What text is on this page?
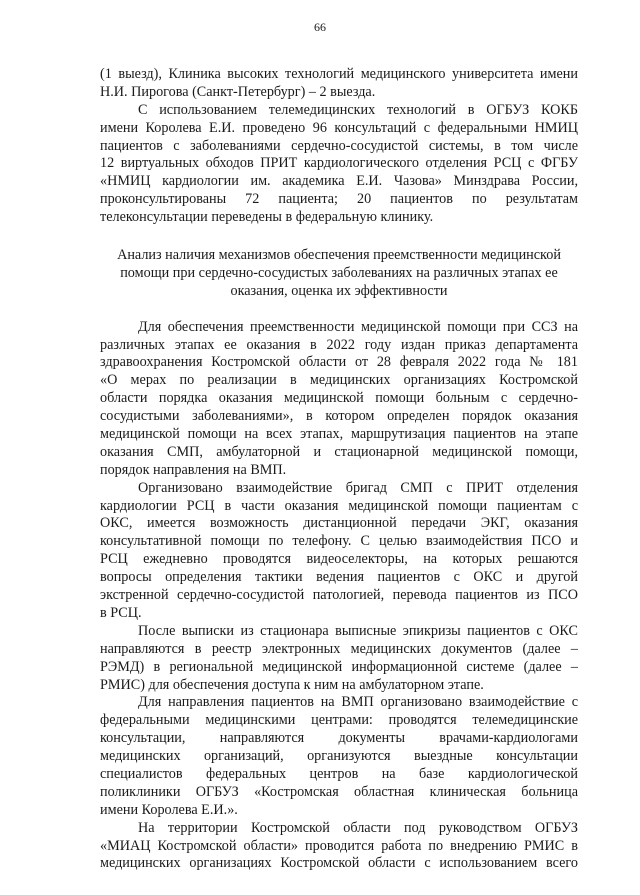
66
(1 выезд), Клиника высоких технологий медицинского университета имени
Н.И. Пирогова (Санкт-Петербург) – 2 выезда.
С использованием телемедицинских технологий в ОГБУЗ КОКБ
имени Королева Е.И. проведено 96 консультаций с федеральными НМИЦ
пациентов с заболеваниями сердечно-сосудистой системы, в том числе
12 виртуальных обходов ПРИТ кардиологического отделения РСЦ с ФГБУ
«НМИЦ кардиологии им. академика Е.И. Чазова» Минздрава России,
проконсультированы 72 пациента; 20 пациентов по результатам
телеконсультации переведены в федеральную клинику.
Анализ наличия механизмов обеспечения преемственности медицинской
помощи при сердечно-сосудистых заболеваниях на различных этапах ее
оказания, оценка их эффективности
Для обеспечения преемственности медицинской помощи при ССЗ на
различных этапах ее оказания в 2022 году издан приказ департамента
здравоохранения Костромской области от 28 февраля 2022 года № 181
«О мерах по реализации в медицинских организациях Костромской
области порядка оказания медицинской помощи больным с сердечно-
сосудистыми заболеваниями», в котором определен порядок оказания
медицинской помощи на всех этапах, маршрутизация пациентов на этапе
оказания СМП, амбулаторной и стационарной медицинской помощи,
порядок направления на ВМП.
Организовано взаимодействие бригад СМП с ПРИТ отделения
кардиологии РСЦ в части оказания медицинской помощи пациентам с
ОКС, имеется возможность дистанционной передачи ЭКГ, оказания
консультативной помощи по телефону. С целью взаимодействия ПСО и
РСЦ ежедневно проводятся видеоселекторы, на которых решаются
вопросы определения тактики ведения пациентов с ОКС и другой
экстренной сердечно-сосудистой патологией, перевода пациентов из ПСО
в РСЦ.
После выписки из стационара выписные эпикризы пациентов с ОКС
направляются в реестр электронных медицинских документов (далее –
РЭМД) в региональной медицинской информационной системе (далее –
РМИС) для обеспечения доступа к ним на амбулаторном этапе.
Для направления пациентов на ВМП организовано взаимодействие с
федеральными медицинскими центрами: проводятся телемедицинские
консультации, направляются документы врачами-кардиологами
медицинских организаций, организуются выездные консультации
специалистов федеральных центров на базе кардиологической
поликлиники ОГБУЗ «Костромская областная клиническая больница
имени Королева Е.И.».
На территории Костромской области под руководством ОГБУЗ
«МИАЦ Костромской области» проводится работа по внедрению РМИС в
медицинских организациях Костромской области с использованием всего
